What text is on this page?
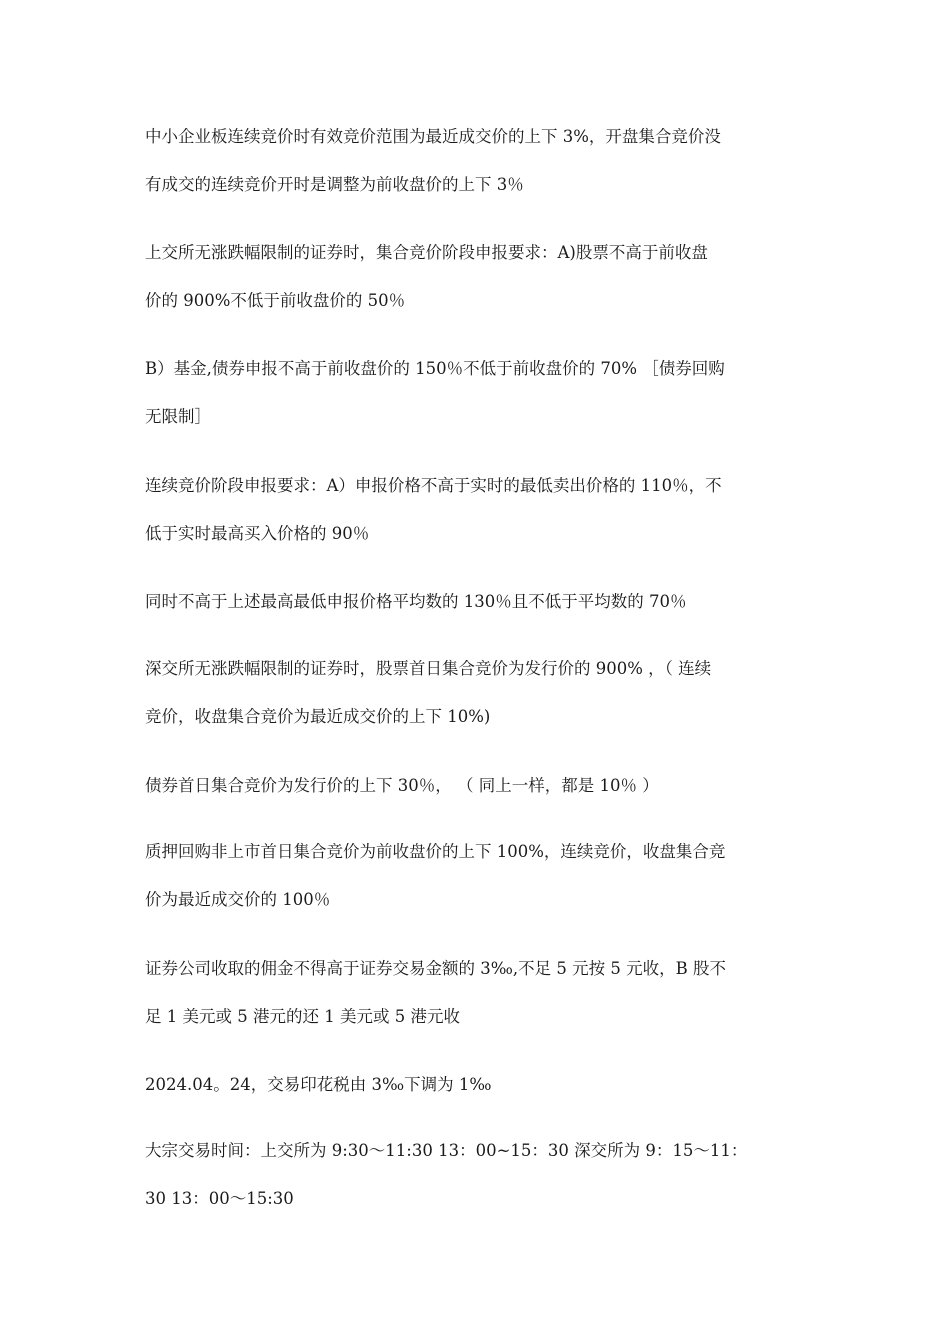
中小企业板连续竞价时有效竞价范围为最近成交价的上下 3%，开盘集合竞价没
有成交的连续竞价开时是调整为前收盘价的上下 3％

上交所无涨跌幅限制的证券时，集合竞价阶段申报要求：A)股票不高于前收盘
价的 900%不低于前收盘价的 50％

B）基金,债券申报不高于前收盘价的 150％不低于前收盘价的 70% ［债券回购
无限制］

连续竞价阶段申报要求：A）申报价格不高于实时的最低卖出价格的 110％，不
低于实时最高买入价格的 90％

同时不高于上述最高最低申报价格平均数的 130％且不低于平均数的 70％

深交所无涨跌幅限制的证券时，股票首日集合竞价为发行价的 900% ，（ 连续
竞价，收盘集合竞价为最近成交价的上下 10%)

债券首日集合竞价为发行价的上下 30％， （ 同上一样，都是 10％ ）

质押回购非上市首日集合竞价为前收盘价的上下 100%，连续竞价，收盘集合竞
价为最近成交价的 100％

证券公司收取的佣金不得高于证券交易金额的 3‰,不足 5 元按 5 元收，B 股不
足 1 美元或 5 港元的还 1 美元或 5 港元收

2024.04。24，交易印花税由 3‰下调为 1‰

大宗交易时间：上交所为 9:30～11:30 13：00~15：30 深交所为 9：15～11：
30 13：00～15:30
